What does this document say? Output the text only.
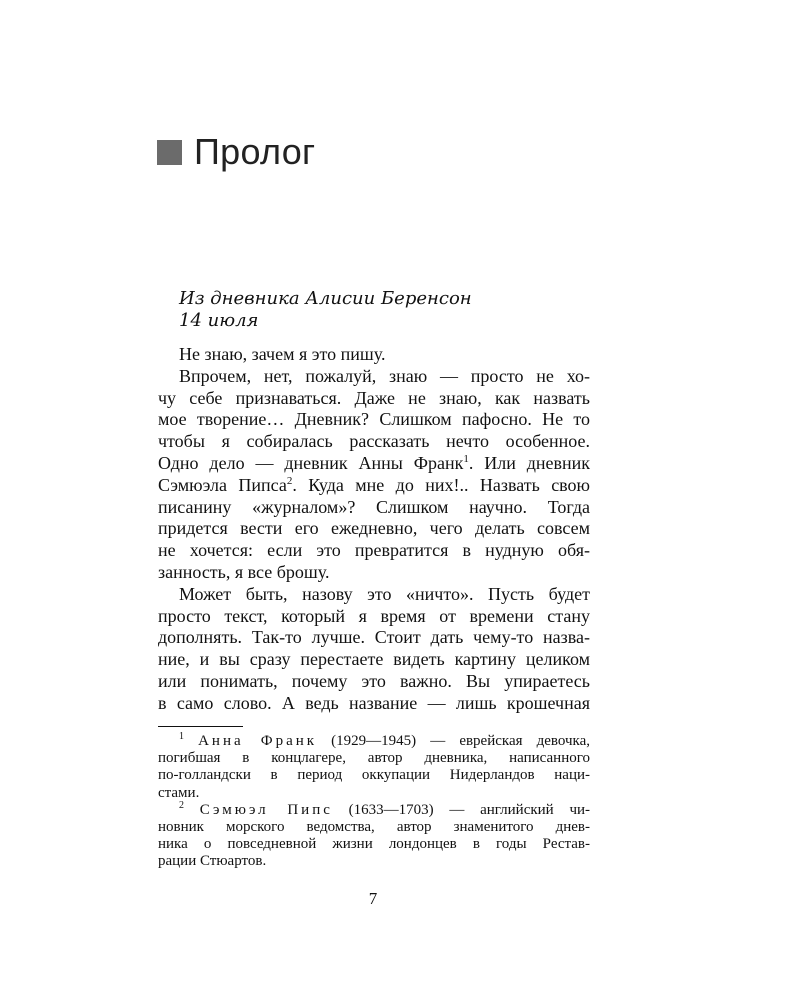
Пролог
Из дневника Алисии Беренсон
14 июля
Не знаю, зачем я это пишу.
Впрочем, нет, пожалуй, знаю — просто не хо-
чу себе признаваться. Даже не знаю, как назвать
мое творение… Дневник? Слишком пафосно. Не то
чтобы я собиралась рассказать нечто особенное.
Одно дело — дневник Анны Франк$^1$. Или дневник
Сэмюэла Пипса$^2$. Куда мне до них!.. Назвать свою
писанину «журналом»? Слишком научно. Тогда
придется вести его ежедневно, чего делать совсем
не хочется: если это превратится в нудную обя-
занность, я все брошу.
Может быть, назову это «ничто». Пусть будет
просто текст, который я время от времени стану
дополнять. Так-то лучше. Стоит дать чему-то назва-
ние, и вы сразу перестаете видеть картину целиком
или понимать, почему это важно. Вы упираетесь
в само слово. А ведь название — лишь крошечная
$^1$ Анна Франк (1929—1945) — еврейская девочка,
погибшая в концлагере, автор дневника, написанного
по-голландски в период оккупации Нидерландов наци-
стами.
$^2$ Сэмюэл Пипс (1633—1703) — английский чи-
новник морского ведомства, автор знаменитого днев-
ника о повседневной жизни лондонцев в годы Рестав-
рации Стюартов.
7
